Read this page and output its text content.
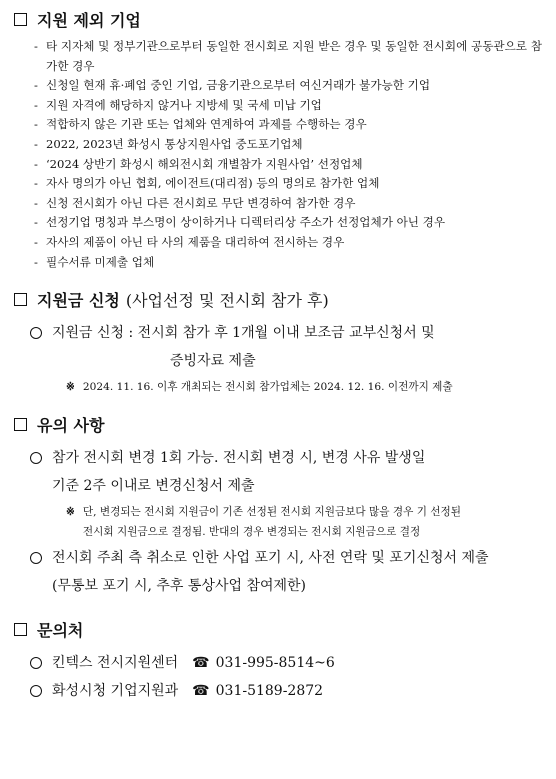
지원 제외 기업
- 타 지자체 및 정부기관으로부터 동일한 전시회로 지원 받은 경우 및 동일한 전시회에 공동관으로 참가한 경우
- 신청일 현재 휴·폐업 중인 기업, 금융기관으로부터 여신거래가 불가능한 기업
- 지원 자격에 해당하지 않거나 지방세 및 국세 미납 기업
- 적합하지 않은 기관 또는 업체와 연계하여 과제를 수행하는 경우
- 2022, 2023년 화성시 통상지원사업 중도포기업체
- ‘2024 상반기 화성시 해외전시회 개별참가 지원사업’ 선정업체
- 자사 명의가 아닌 협회, 에이전트(대리점) 등의 명의로 참가한 업체
- 신청 전시회가 아닌 다른 전시회로 무단 변경하여 참가한 경우
- 선정기업 명칭과 부스명이 상이하거나 디렉터리상 주소가 선정업체가 아닌 경우
- 자사의 제품이 아닌 타 사의 제품을 대리하여 전시하는 경우
- 필수서류 미제출 업체
지원금 신청 (사업선정 및 전시회 참가 후)
지원금 신청 : 전시회 참가 후 1개월 이내 보조금 교부신청서 및
증빙자료 제출
※ 2024. 11. 16. 이후 개최되는 전시회 참가업체는 2024. 12. 16. 이전까지 제출
유의 사항
참가 전시회 변경 1회 가능. 전시회 변경 시, 변경 사유 발생일
기준 2주 이내로 변경신청서 제출
※ 단, 변경되는 전시회 지원금이 기존 선정된 전시회 지원금보다 많을 경우 기 선정된
전시회 지원금으로 결정됨. 반대의 경우 변경되는 전시회 지원금으로 결정
전시회 주최 측 취소로 인한 사업 포기 시, 사전 연락 및 포기신청서 제출
(무통보 포기 시, 추후 통상사업 참여제한)
문의처
킨텍스 전시지원센터 ☎ 031-995-8514~6
화성시청 기업지원과 ☎ 031-5189-2872
